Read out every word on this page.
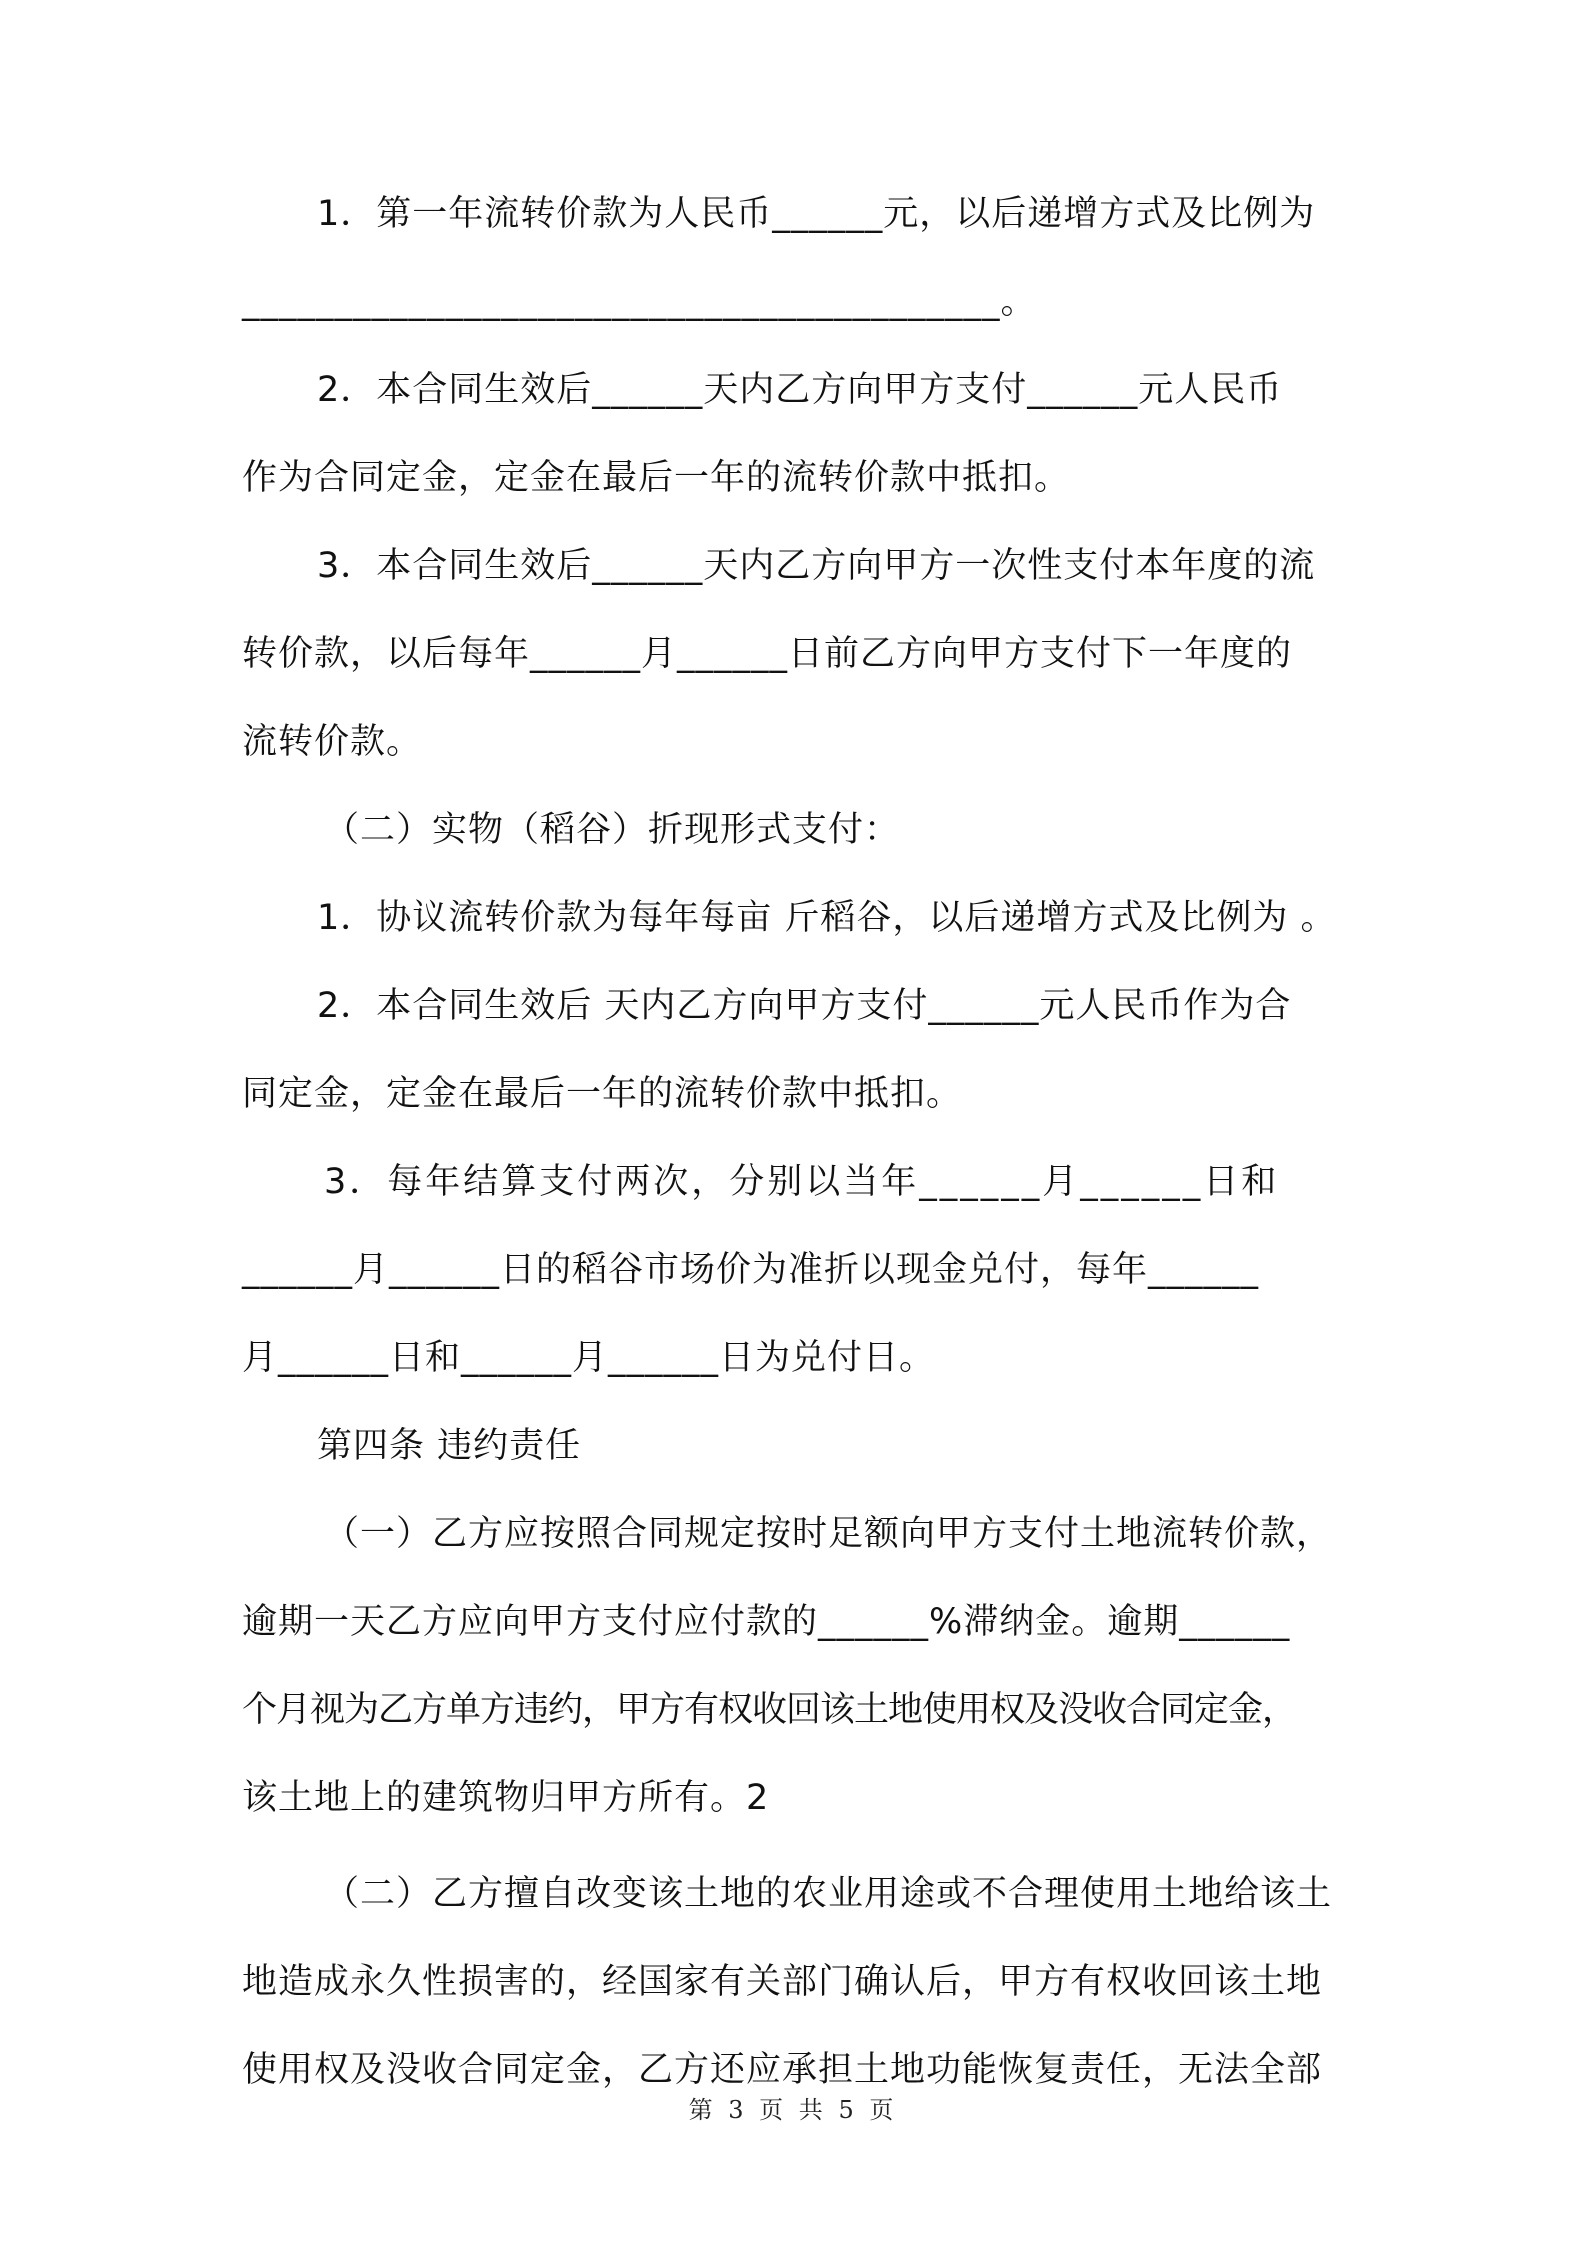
1．第一年流转价款为人民币______元，以后递增方式及比例为
_________________________________________。
2．本合同生效后______天内乙方向甲方支付______元人民币
作为合同定金，定金在最后一年的流转价款中抵扣。
3．本合同生效后______天内乙方向甲方一次性支付本年度的流
转价款，以后每年______月______日前乙方向甲方支付下一年度的
流转价款。
（二）实物（稻谷）折现形式支付：
1．协议流转价款为每年每亩 斤稻谷，以后递增方式及比例为 。
2．本合同生效后 天内乙方向甲方支付______元人民币作为合
同定金，定金在最后一年的流转价款中抵扣。
3．每年结算支付两次，分别以当年______月______日和
______月______日的稻谷市场价为准折以现金兑付，每年______
月______日和______月______日为兑付日。
第四条 违约责任
（一）乙方应按照合同规定按时足额向甲方支付土地流转价款，
逾期一天乙方应向甲方支付应付款的______%滞纳金。逾期______
个月视为乙方单方违约，甲方有权收回该土地使用权及没收合同定金，
该土地上的建筑物归甲方所有。2
（二）乙方擅自改变该土地的农业用途或不合理使用土地给该土
地造成永久性损害的，经国家有关部门确认后，甲方有权收回该土地
使用权及没收合同定金，乙方还应承担土地功能恢复责任，无法全部
第 3 页 共 5 页
